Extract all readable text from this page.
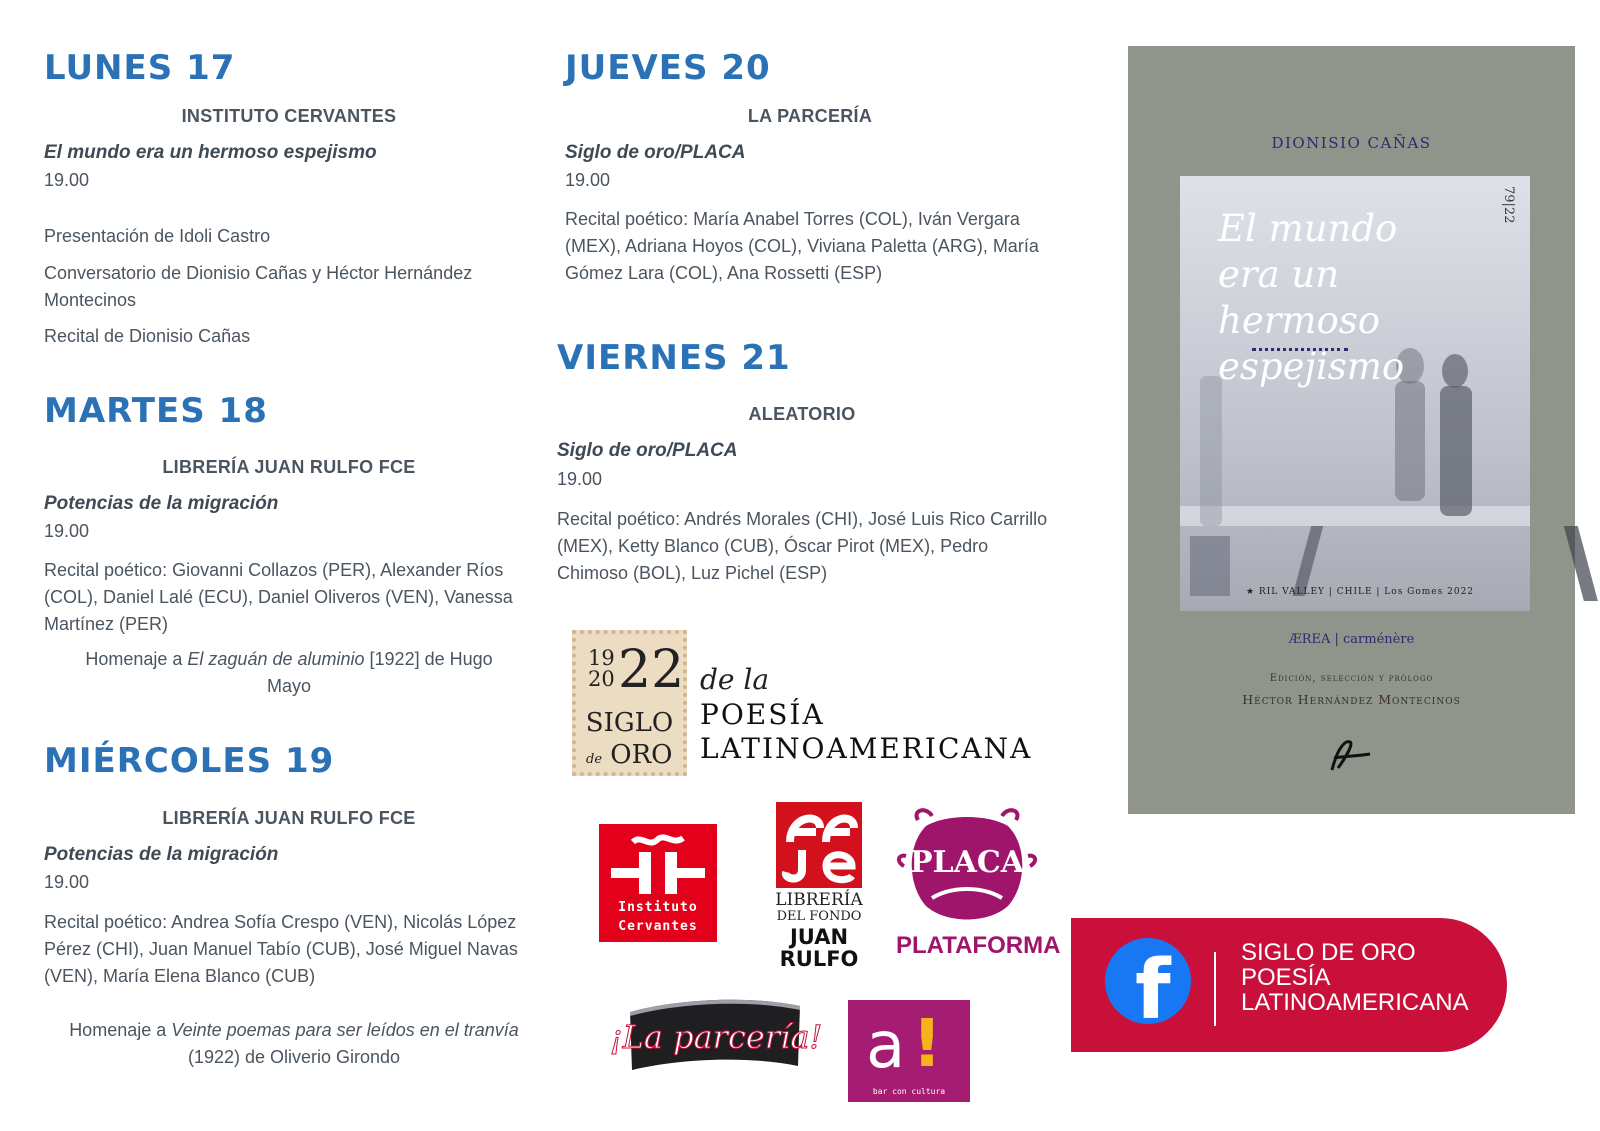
LUNES 17
INSTITUTO CERVANTES
El mundo era un hermoso espejismo
19.00
Presentación de Idoli Castro
Conversatorio de Dionisio Cañas y Héctor Hernández Montecinos
Recital de Dionisio Cañas
MARTES 18
LIBRERÍA JUAN RULFO FCE
Potencias de la migración
19.00
Recital poético: Giovanni Collazos (PER), Alexander Ríos (COL), Daniel Lalé (ECU), Daniel Oliveros (VEN), Vanessa Martínez (PER)
Homenaje a El zaguán de aluminio [1922] de Hugo Mayo
MIÉRCOLES 19
LIBRERÍA JUAN RULFO FCE
Potencias de la migración
19.00
Recital poético: Andrea Sofía Crespo (VEN), Nicolás López Pérez (CHI), Juan Manuel Tabío (CUB), José Miguel Navas (VEN), María Elena Blanco (CUB)
Homenaje a Veinte poemas para ser leídos en el tranvía (1922) de Oliverio Girondo
JUEVES 20
LA PARCERÍA
Siglo de oro/PLACA
19.00
Recital poético: María Anabel Torres (COL), Iván Vergara (MEX), Adriana Hoyos (COL), Viviana Paletta (ARG), María Gómez Lara (COL), Ana Rossetti (ESP)
VIERNES 21
ALEATORIO
Siglo de oro/PLACA
19.00
Recital poético: Andrés Morales (CHI), José Luis Rico Carrillo (MEX), Ketty Blanco (CUB), Óscar Pirot (MEX), Pedro Chimoso (BOL), Luz Pichel (ESP)
DIONISIO CAÑAS
El mundo era un hermoso espejismo
79|22
★ RIL VALLEY | CHILE | Los Gomes 2022
ÆREA | carménère
Edición, selección y prólogo
Héctor Hernández Montecinos
19
20 22
SIGLO
de ORO
de la
POESÍA
LATINOAMERICANA
Instituto
Cervantes
LIBRERÍA
DEL FONDO
JUAN
RULFO
PLACA
PLATAFORMA
¡La parcería! a !
bar con cultura
f	SIGLO DE ORO
POESÍA
LATINOAMERICANA
